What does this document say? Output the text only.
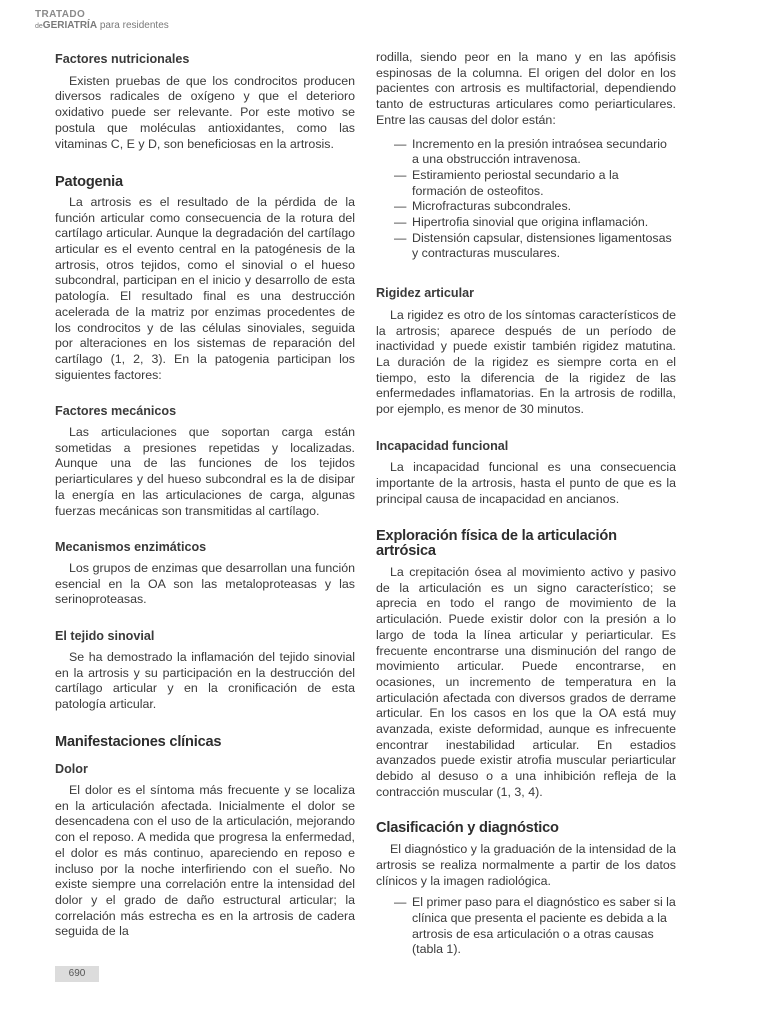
TRATADO
deGERIATRÍA para residentes
Factores nutricionales

Existen pruebas de que los condrocitos producen diversos radicales de oxígeno y que el deterioro oxidativo puede ser relevante. Por este motivo se postula que moléculas antioxidantes, como las vitaminas C, E y D, son beneficiosas en la artrosis.

Patogenia

La artrosis es el resultado de la pérdida de la función articular como consecuencia de la rotura del cartílago articular. Aunque la degradación del cartílago articular es el evento central en la patogénesis de la artrosis, otros tejidos, como el sinovial o el hueso subcondral, participan en el inicio y desarrollo de esta patología. El resultado final es una destrucción acelerada de la matriz por enzimas procedentes de los condrocitos y de las células sinoviales, seguida por alteraciones en los sistemas de reparación del cartílago (1, 2, 3). En la patogenia participan los siguientes factores:

Factores mecánicos

Las articulaciones que soportan carga están sometidas a presiones repetidas y localizadas. Aunque una de las funciones de los tejidos periarticulares y del hueso subcondral es la de disipar la energía en las articulaciones de carga, algunas fuerzas mecánicas son transmitidas al cartílago.

Mecanismos enzimáticos

Los grupos de enzimas que desarrollan una función esencial en la OA son las metaloproteasas y las serinoproteasas.

El tejido sinovial

Se ha demostrado la inflamación del tejido sinovial en la artrosis y su participación en la destrucción del cartílago articular y en la cronificación de esta patología articular.

Manifestaciones clínicas
Dolor

El dolor es el síntoma más frecuente y se localiza en la articulación afectada. Inicialmente el dolor se desencadena con el uso de la articulación, mejorando con el reposo. A medida que progresa la enfermedad, el dolor es más continuo, apareciendo en reposo e incluso por la noche interfiriendo con el sueño. No existe siempre una correlación entre la intensidad del dolor y el grado de daño estructural articular; la correlación más estrecha es en la artrosis de cadera seguida de la

rodilla, siendo peor en la mano y en las apófisis espinosas de la columna. El origen del dolor en los pacientes con artrosis es multifactorial, dependiendo tanto de estructuras articulares como periarticulares. Entre las causas del dolor están:

— Incremento en la presión intraósea secundario a una obstrucción intravenosa.
— Estiramiento periostal secundario a la formación de osteofitos.
— Microfracturas subcondrales.
— Hipertrofia sinovial que origina inflamación.
— Distensión capsular, distensiones ligamentosas y contracturas musculares.
Rigidez articular

La rigidez es otro de los síntomas característicos de la artrosis; aparece después de un período de inactividad y puede existir también rigidez matutina. La duración de la rigidez es siempre corta en el tiempo, esto la diferencia de la rigidez de las enfermedades inflamatorias. En la artrosis de rodilla, por ejemplo, es menor de 30 minutos.

Incapacidad funcional

La incapacidad funcional es una consecuencia importante de la artrosis, hasta el punto de que es la principal causa de incapacidad en ancianos.

Exploración física de la articulación artrósica

La crepitación ósea al movimiento activo y pasivo de la articulación es un signo característico; se aprecia en todo el rango de movimiento de la articulación. Puede existir dolor con la presión a lo largo de toda la línea articular y periarticular. Es frecuente encontrarse una disminución del rango de movimiento articular. Puede encontrarse, en ocasiones, un incremento de temperatura en la articulación afectada con diversos grados de derrame articular. En los casos en los que la OA está muy avanzada, existe deformidad, aunque es infrecuente encontrar inestabilidad articular. En estadios avanzados puede existir atrofia muscular periarticular debido al desuso o a una inhibición refleja de la contracción muscular (1, 3, 4).

Clasificación y diagnóstico

El diagnóstico y la graduación de la intensidad de la artrosis se realiza normalmente a partir de los datos clínicos y la imagen radiológica.

— El primer paso para el diagnóstico es saber si la clínica que presenta el paciente es debida a la artrosis de esa articulación o a otras causas (tabla 1).
690
